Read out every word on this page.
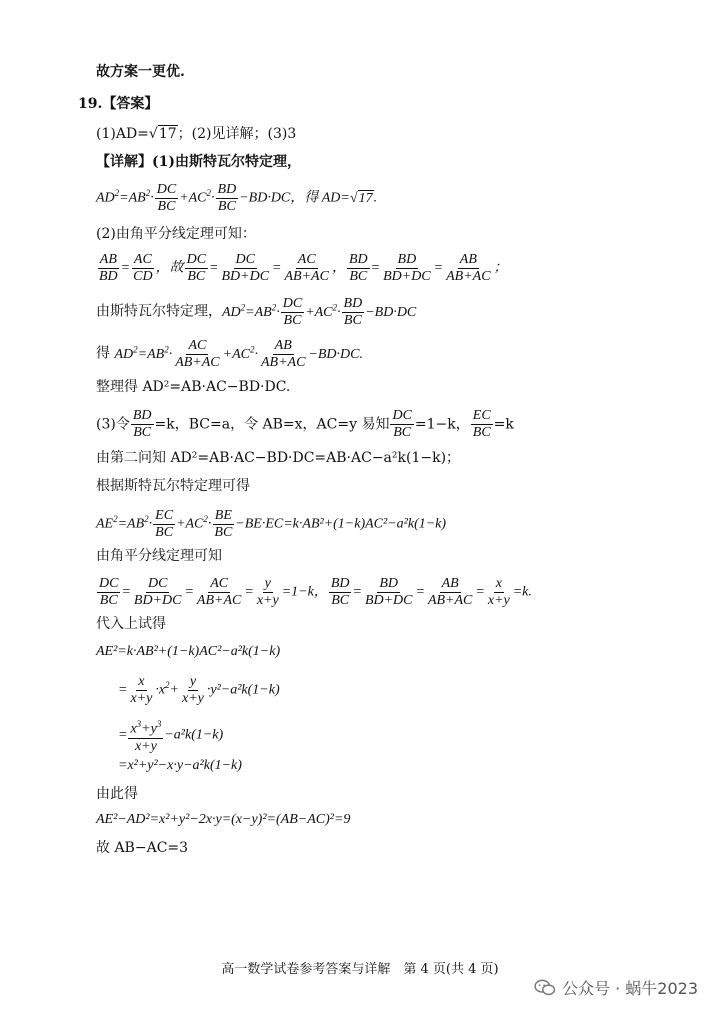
故方案一更优.
19.【答案】
(1)AD=√17；(2)见详解；(3)3
【详解】(1)由斯特瓦尔特定理，
$AD^2=AB^2\cdot \frac{DC}{BC} +AC^2\cdot \frac{BD}{BC} -BD\cdot DC$，得 AD=√17.
(2)由角平分线定理可知：
$\frac{AB}{BD} = \frac{AC}{CD}$ ，故 $\frac{DC}{BC} = \frac{DC}{BD+DC} = \frac{AC}{AB+AC}$ ， $\frac{BD}{BC} = \frac{BD}{BD+DC} = \frac{AB}{AB+AC}$ ；
由斯特瓦尔特定理，$AD^2=AB^2\cdot \frac{DC}{BC} +AC^2\cdot \frac{BD}{BC} -BD\cdot DC$
得 $AD^2=AB^2\cdot \frac{AC}{AB+AC} +AC^2\cdot \frac{AB}{AB+AC} -BD\cdot DC$.
整理得 AD²=AB·AC−BD·DC.
(3)令 $\frac{BD}{BC} =k$，BC=a，令 AB=x，AC=y 易知 $\frac{DC}{BC} =1-k$， $\frac{EC}{BC} =k$
由第二问知 AD²=AB·AC−BD·DC=AB·AC−a²k(1−k)；
根据斯特瓦尔特定理可得
$AE^2=AB^2\cdot \frac{EC}{BC} +AC^2\cdot \frac{BE}{BC} -BE\cdot EC=k\cdot AB^2+(1-k)AC^2-a^2k(1-k)$
由角平分线定理可知
$\frac{DC}{BC} = \frac{DC}{BD+DC} = \frac{AC}{AB+AC} = \frac{y}{x+y} =1-k$， $\frac{BD}{BC} = \frac{BD}{BD+DC} = \frac{AB}{AB+AC} = \frac{x}{x+y} =k$.
代入上试得
AE²=k·AB²+(1−k)AC²−a²k(1−k)
= $\frac{x}{x+y} \cdot x^2+ \frac{y}{x+y} \cdot y^2-a^2k(1-k)$
= $\frac{x^3+y^3}{x+y} -a^2k(1-k)$
=x²+y²−x·y−a²k(1−k)
由此得
AE²−AD²=x²+y²−2x·y=(x−y)²=(AB−AC)²=9
故 AB−AC=3
高一数学试卷参考答案与详解　第 4 页(共 4 页)
公众号 · 蜗牛2023
